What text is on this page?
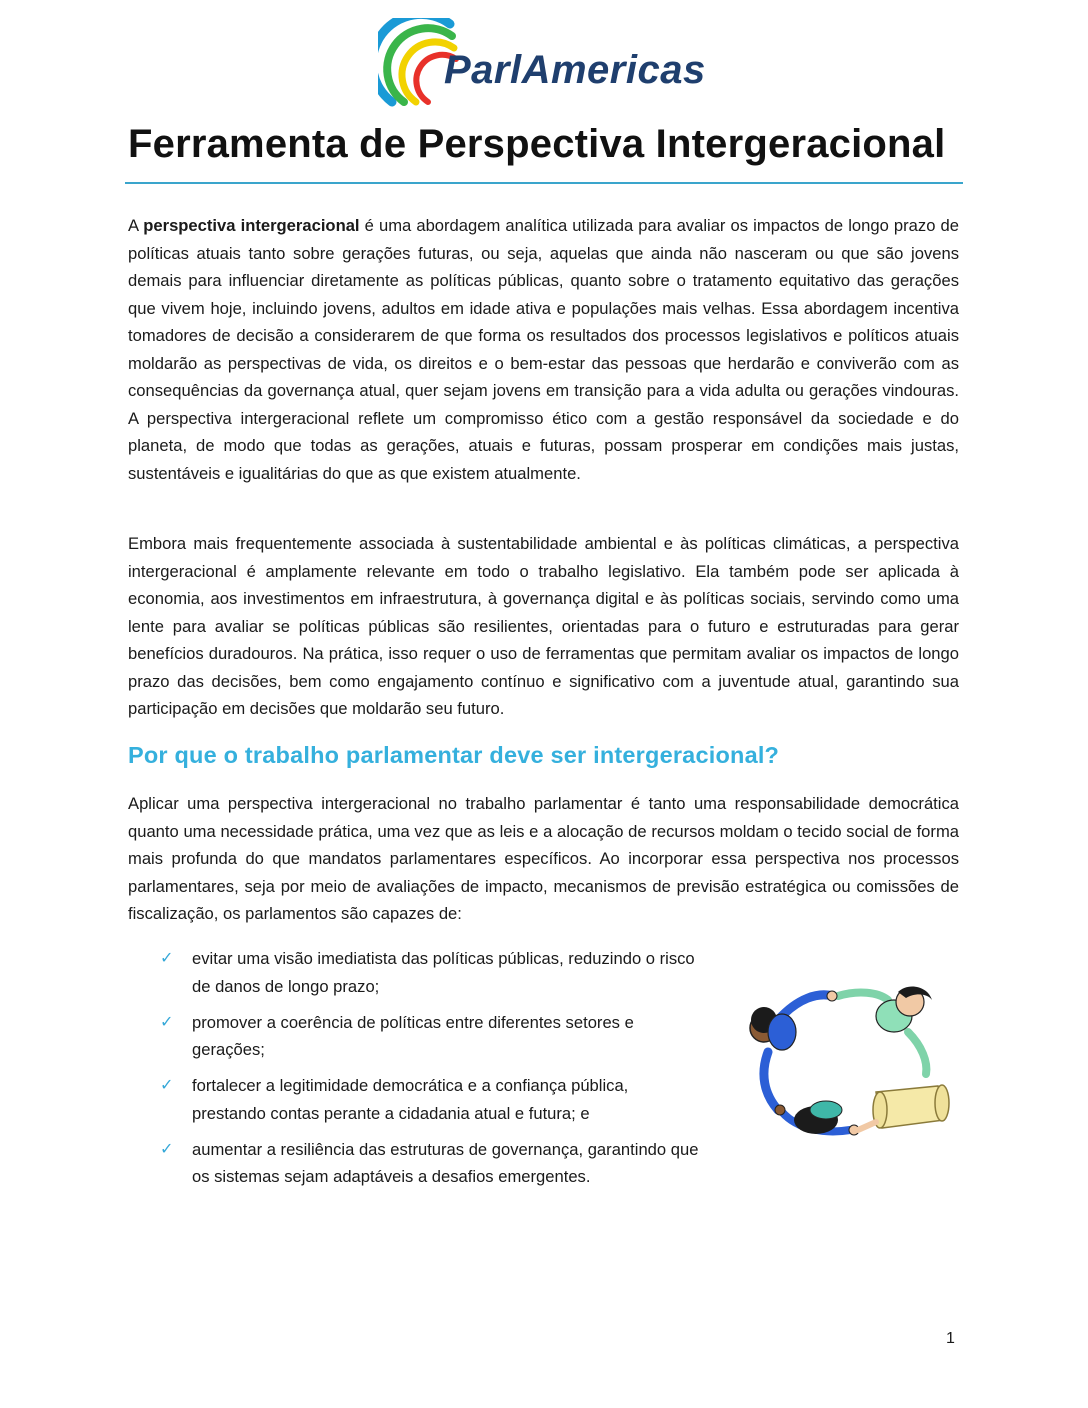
ParlAmericas
Ferramenta de Perspectiva Intergeracional

A perspectiva intergeracional é uma abordagem analítica utilizada para avaliar os impactos de longo prazo de políticas atuais tanto sobre gerações futuras, ou seja, aquelas que ainda não nasceram ou que são jovens demais para influenciar diretamente as políticas públicas, quanto sobre o tratamento equitativo das gerações que vivem hoje, incluindo jovens, adultos em idade ativa e populações mais velhas. Essa abordagem incentiva tomadores de decisão a considerarem de que forma os resultados dos processos legislativos e políticos atuais moldarão as perspectivas de vida, os direitos e o bem-estar das pessoas que herdarão e conviverão com as consequências da governança atual, quer sejam jovens em transição para a vida adulta ou gerações vindouras. A perspectiva intergeracional reflete um compromisso ético com a gestão responsável da sociedade e do planeta, de modo que todas as gerações, atuais e futuras, possam prosperar em condições mais justas, sustentáveis e igualitárias do que as que existem atualmente.

Embora mais frequentemente associada à sustentabilidade ambiental e às políticas climáticas, a perspectiva intergeracional é amplamente relevante em todo o trabalho legislativo. Ela também pode ser aplicada à economia, aos investimentos em infraestrutura, à governança digital e às políticas sociais, servindo como uma lente para avaliar se políticas públicas são resilientes, orientadas para o futuro e estruturadas para gerar benefícios duradouros. Na prática, isso requer o uso de ferramentas que permitam avaliar os impactos de longo prazo das decisões, bem como engajamento contínuo e significativo com a juventude atual, garantindo sua participação em decisões que moldarão seu futuro.

Por que o trabalho parlamentar deve ser intergeracional?

Aplicar uma perspectiva intergeracional no trabalho parlamentar é tanto uma responsabilidade democrática quanto uma necessidade prática, uma vez que as leis e a alocação de recursos moldam o tecido social de forma mais profunda do que mandatos parlamentares específicos. Ao incorporar essa perspectiva nos processos parlamentares, seja por meio de avaliações de impacto, mecanismos de previsão estratégica ou comissões de fiscalização, os parlamentos são capazes de:

✓ evitar uma visão imediatista das políticas públicas, reduzindo o risco de danos de longo prazo;
✓ promover a coerência de políticas entre diferentes setores e gerações;
✓ fortalecer a legitimidade democrática e a confiança pública, prestando contas perante a cidadania atual e futura; e
✓ aumentar a resiliência das estruturas de governança, garantindo que os sistemas sejam adaptáveis a desafios emergentes.
1
